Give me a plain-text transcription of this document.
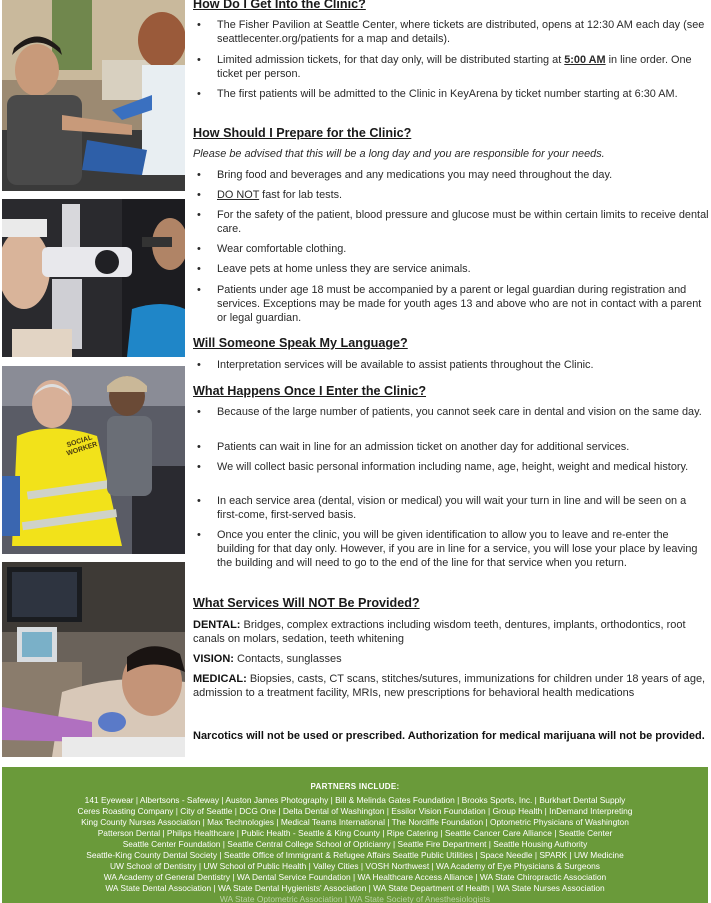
SOCIAL WORKER
How Do I Get Into the Clinic?
• The Fisher Pavilion at Seattle Center, where tickets are distributed, opens at 12:30 AM each day (see seattlecenter.org/patients for a map and details).
• Limited admission tickets, for that day only, will be distributed starting at 5:00 AM in line order. One ticket per person.
• The first patients will be admitted to the Clinic in KeyArena by ticket number starting at 6:30 AM.
How Should I Prepare for the Clinic?
Please be advised that this will be a long day and you are responsible for your needs.
• Bring food and beverages and any medications you may need throughout the day.
• DO NOT fast for lab tests.
• For the safety of the patient, blood pressure and glucose must be within certain limits to receive dental care.
• Wear comfortable clothing.
• Leave pets at home unless they are service animals.
• Patients under age 18 must be accompanied by a parent or legal guardian during registration and services. Exceptions may be made for youth ages 13 and above who are not in contact with a parent or legal guardian.
Will Someone Speak My Language?
• Interpretation services will be available to assist patients throughout the Clinic.
What Happens Once I Enter the Clinic?
• Because of the large number of patients, you cannot seek care in dental and vision on the same day.
• Patients can wait in line for an admission ticket on another day for additional services.
• We will collect basic personal information including name, age, height, weight and medical history.
• In each service area (dental, vision or medical) you will wait your turn in line and will be seen on a first-come, first-served basis.
• Once you enter the clinic, you will be given identification to allow you to leave and re-enter the building for that day only. However, if you are in line for a service, you will lose your place by leaving the building and will need to go to the end of the line for that service when you return.
What Services Will NOT Be Provided?
DENTAL: Bridges, complex extractions including wisdom teeth, dentures, implants, orthodontics, root canals on molars, sedation, teeth whitening
VISION: Contacts, sunglasses
MEDICAL: Biopsies, casts, CT scans, stitches/sutures, immunizations for children under 18 years of age, admission to a treatment facility, MRIs, new prescriptions for behavioral health medications
Narcotics will not be used or prescribed. Authorization for medical marijuana will not be provided.
PARTNERS INCLUDE:
141 Eyewear | Albertsons - Safeway | Auston James Photography | Bill & Melinda Gates Foundation | Brooks Sports, Inc. | Burkhart Dental Supply
Ceres Roasting Company | City of Seattle | DCG One | Delta Dental of Washington | Essilor Vision Foundation | Group Health | InDemand Interpreting
King County Nurses Association | Max Technologies | Medical Teams International | The Norcliffe Foundation | Optometric Physicians of Washington
Patterson Dental | Philips Healthcare | Public Health - Seattle & King County | Ripe Catering | Seattle Cancer Care Alliance | Seattle Center
Seattle Center Foundation | Seattle Central College School of Opticianry | Seattle Fire Department | Seattle Housing Authority
Seattle-King County Dental Society | Seattle Office of Immigrant & Refugee Affairs Seattle Public Utilities | Space Needle | SPARK | UW Medicine
UW School of Dentistry | UW School of Public Health | Valley Cities | VOSH Northwest | WA Academy of Eye Physicians & Surgeons
WA Academy of General Dentistry | WA Dental Service Foundation | WA Healthcare Access Alliance | WA State Chiropractic Association
WA State Dental Association | WA State Dental Hygienists' Association | WA State Department of Health | WA State Nurses Association
WA State Optometric Association | WA State Society of Anesthesiologists
